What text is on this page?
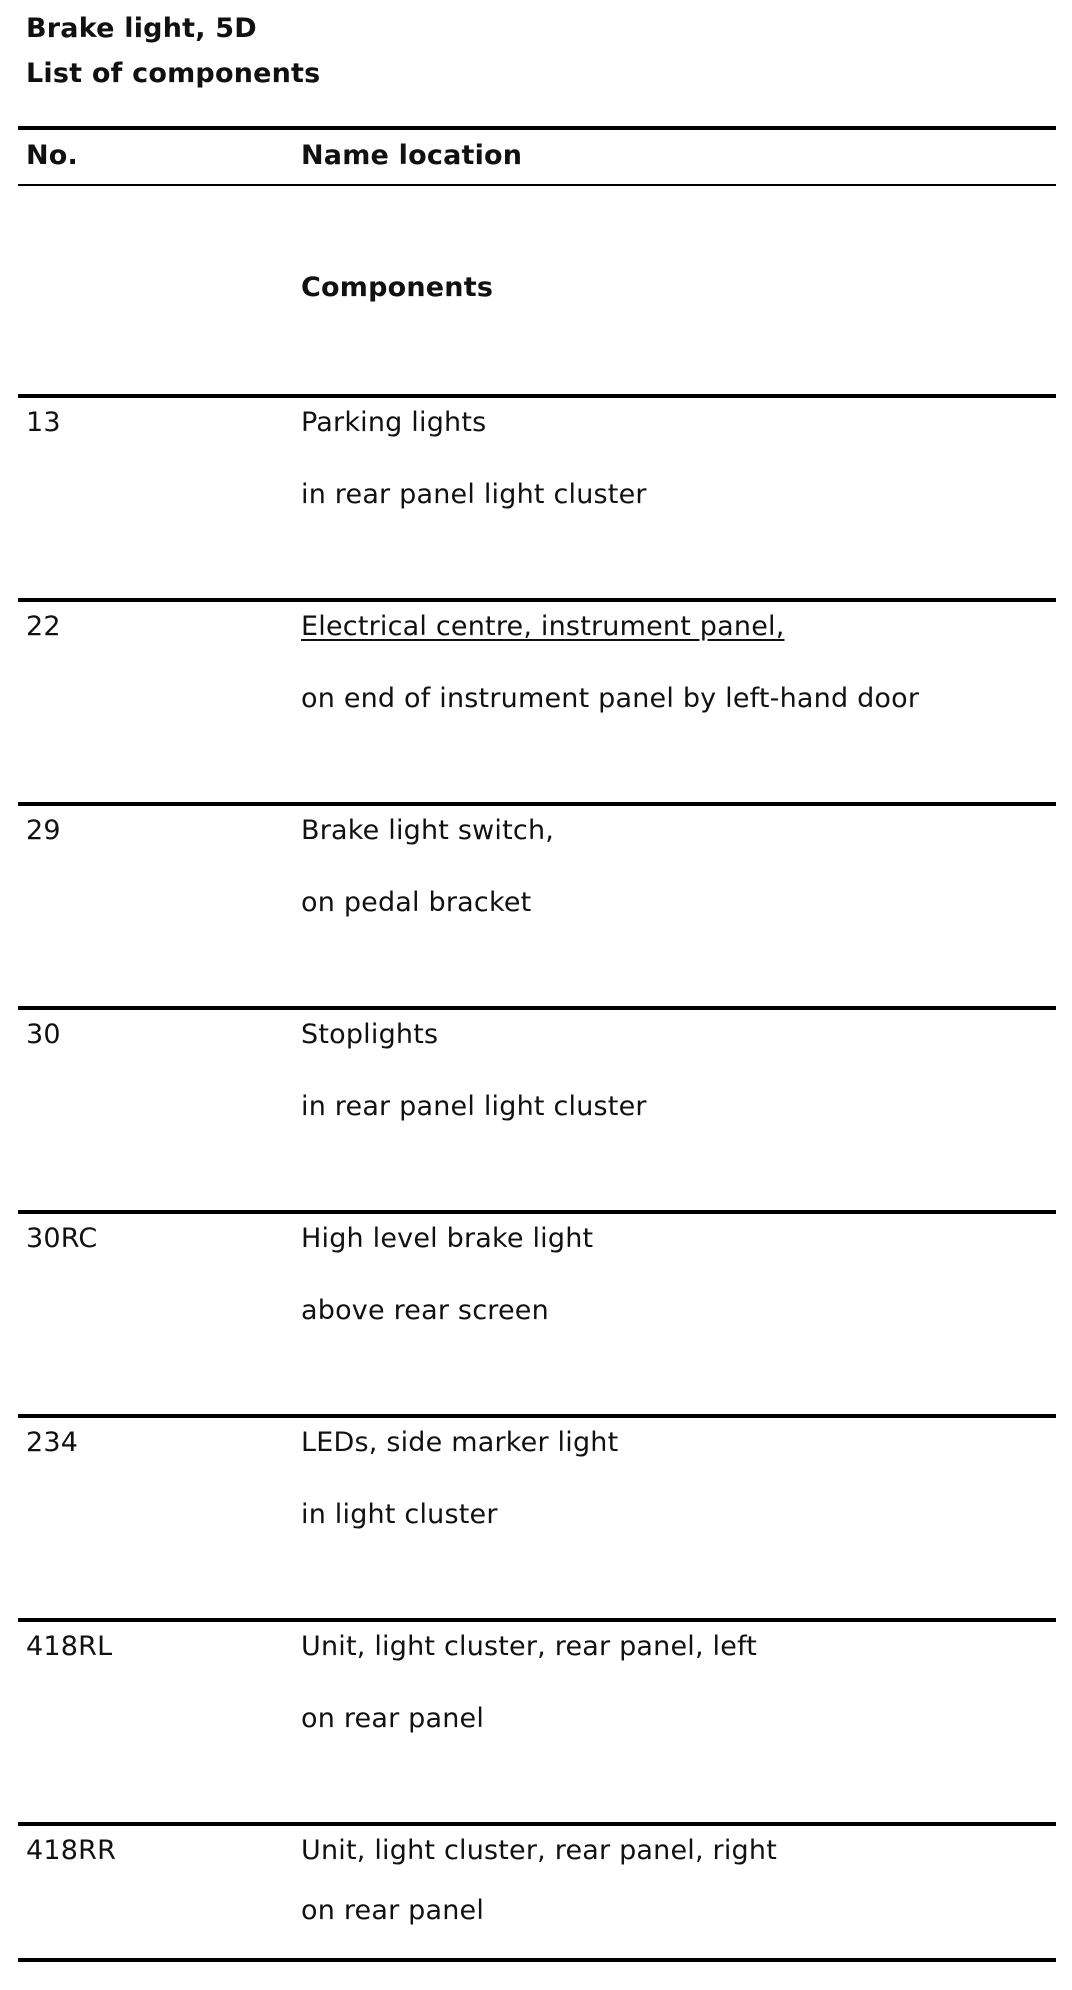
Brake light, 5D
List of components
No.	Name location
Components
13	Parking lights
in rear panel light cluster
22	Electrical centre, instrument panel,
on end of instrument panel by left-hand door
29	Brake light switch,
on pedal bracket
30	Stoplights
in rear panel light cluster
30RC	High level brake light
above rear screen
234	LEDs, side marker light
in light cluster
418RL	Unit, light cluster, rear panel, left
on rear panel
418RR	Unit, light cluster, rear panel, right
on rear panel
